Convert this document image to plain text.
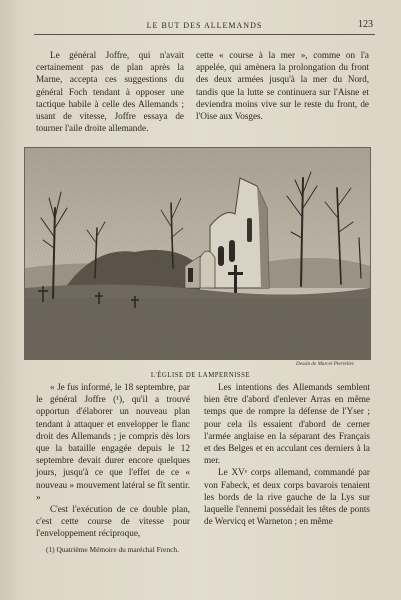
LE BUT DES ALLEMANDS	123

Le général Joffre, qui n'avait certainement pas de plan après la Marne, accepta ces suggestions du général Foch tendant à opposer une tactique habile à celle des Allemands ; usant de vitesse, Joffre essaya de tourner l'aile droite allemande.

cette « course à la mer », comme on l'a appelée, qui amènera la prolongation du front des deux armées jusqu'à la mer du Nord, tandis que la lutte se continuera sur l'Aisne et deviendra moins vive sur le reste du front, de l'Oise aux Vosges.

Dessin de Marcel Pierrelier.
L'ÉGLISE DE LAMPERNISSE

« Je fus informé, le 18 septembre, par le général Joffre (¹), qu'il a trouvé opportun d'élaborer un nouveau plan tendant à attaquer et envelopper le flanc droit des Allemands ; je compris dès lors que la bataille engagée depuis le 12 septembre devait durer encore quelques jours, jusqu'à ce que l'effet de ce « nouveau » mouvement latéral se fît sentir. »

C'est l'exécution de ce double plan, c'est cette course de vitesse pour l'enveloppement réciproque,

(1) Quatrième Mémoire du maréchal French.

Les intentions des Allemands semblent bien être d'abord d'enlever Arras en même temps que de rompre la défense de l'Yser ; pour cela ils essaient d'abord de cerner l'armée anglaise en la séparant des Français et des Belges et en acculant ces derniers à la mer.

Le XVᵉ corps allemand, commandé par von Fabeck, et deux corps bavarois tenaient les bords de la rive gauche de la Lys sur laquelle l'ennemi possédait les têtes de ponts de Wervicq et Warneton ; en même
